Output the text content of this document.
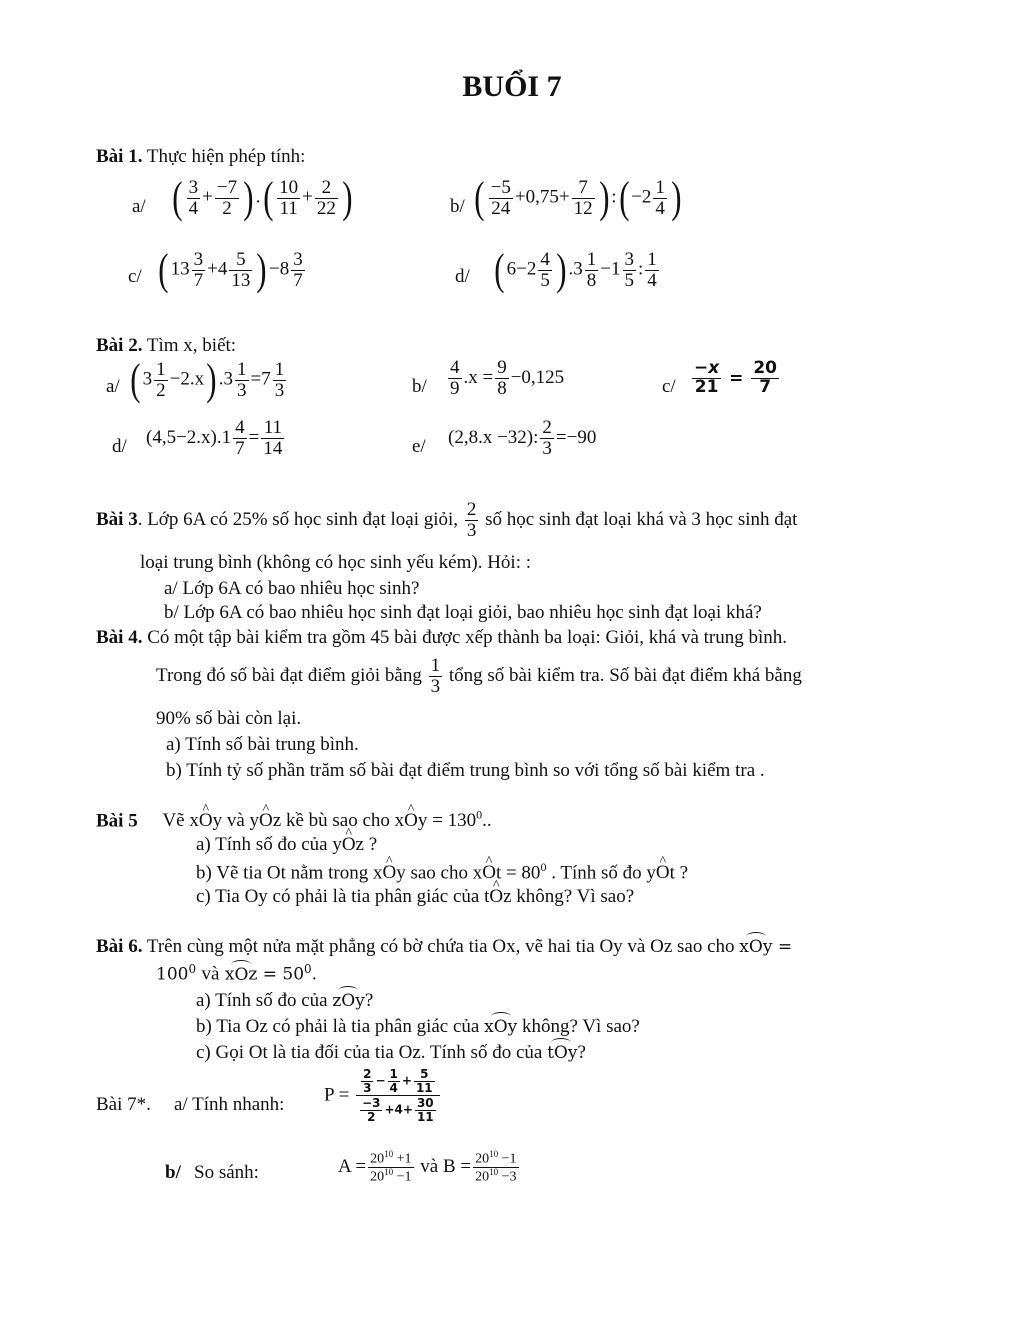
BUỔI 7
Bài 1. Thực hiện phép tính:
a/ ( $\frac{3}{4} + \frac{-7}{2}$ ) .( $\frac{10}{11} + \frac{2}{22}$ )	b/ ( $\frac{-5}{24} +0,75+ \frac{7}{12}$ ) :( $-2 \frac{1}{4}$ )
c/ ( $13 \frac{3}{7} +4 \frac{5}{13}$ ) $-8 \frac{3}{7}$	d/ ( $6-2 \frac{4}{5}$ ) $.3 \frac{1}{8} -1 \frac{3}{5}$ : $\frac{1}{4}$
Bài 2. Tìm x, biết:
a/ ( $3 \frac{1}{2} -2.x$) $.3 \frac{1}{3} =7 \frac{1}{3}$	$b/ \frac{4}{9} .x = \frac{9}{8} -0,125$	$c/ \frac{-x}{21} = \frac{20}{7}$
d/ $(4,5-2.x).1 \frac{4}{7} = \frac{11}{14}$	e/ (2,8.x −32): $\frac{2}{3} =-90$
Bài 3. Lớp 6A có 25% số học sinh đạt loại giỏi, $\frac{2}{3}$ số học sinh đạt loại khá và 3 học sinh đạt
loại trung bình (không có học sinh yếu kém). Hỏi: :
a/ Lớp 6A có bao nhiêu học sinh?
b/ Lớp 6A có bao nhiêu học sinh đạt loại giỏi, bao nhiêu học sinh đạt loại khá?
Bài 4. Có một tập bài kiểm tra gồm 45 bài được xếp thành ba loại: Giỏi, khá và trung bình.
Trong đó số bài đạt điểm giỏi bằng $\frac{1}{3}$ tổng số bài kiểm tra. Số bài đạt điểm khá bằng
90% số bài còn lại.
a) Tính số bài trung bình.
b) Tính tỷ số phần trăm số bài đạt điểm trung bình so với tổng số bài kiểm tra .
Bài 5 Vẽ xO ^y và yO ^z kề bù sao cho xO ^y = $130^0$..
a) Tính số đo của yO ^z ?
b) Vẽ tia Ot nằm trong xO ^y sao cho xO ^t = $80^0$ . Tính số đo yO ^t ?
c) Tia Oy có phải là tia phân giác của tO ^z không? Vì sao?
Bài 6. Trên cùng một nửa mặt phẳng có bờ chứa tia Ox, vẽ hai tia Oy và Oz sao cho xOy =
$100^0$ và xOz = $50^0$.
a) Tính số đo của zOy?
b) Tia Oz có phải là tia phân giác của xOy không? Vì sao?
c) Gọi Ot là tia đối của tia Oz. Tính số đo của tOy?
Bài 7*. a/ Tính nhanh: $P = \frac{\frac{2}{3} - \frac{1}{4} + \frac{5}{11}}{\frac{-3}{2} +4+ \frac{30}{11}}$
b/ So sánh:	$A = \frac{20^{10} +1}{20^{10} -1}$ và $B = \frac{20^{10} -1}{20^{10} -3}$
